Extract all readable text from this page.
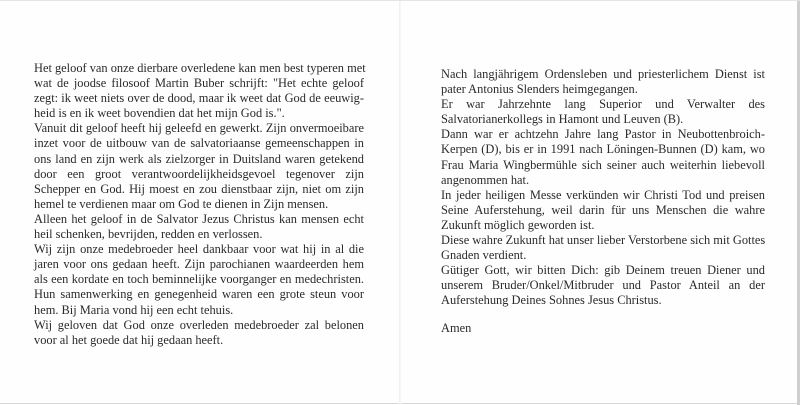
Het geloof van onze dierbare overledene kan men best typeren met
wat de joodse filosoof Martin Buber schrijft: "Het echte geloof
zegt: ik weet niets over de dood, maar ik weet dat God de eeuwig-
heid is en ik weet bovendien dat het mijn God is.".

Vanuit dit geloof heeft hij geleefd en gewerkt. Zijn onvermoeibare
inzet voor de uitbouw van de salvatoriaanse gemeenschappen in
ons land en zijn werk als zielzorger in Duitsland waren getekend
door een groot verantwoordelijkheidsgevoel tegenover zijn
Schepper en God. Hij moest en zou dienstbaar zijn, niet om zijn
hemel te verdienen maar om God te dienen in Zijn mensen.

Alleen het geloof in de Salvator Jezus Christus kan mensen echt
heil schenken, bevrijden, redden en verlossen.

Wij zijn onze medebroeder heel dankbaar voor wat hij in al die
jaren voor ons gedaan heeft. Zijn parochianen waardeerden hem
als een kordate en toch beminnelijke voorganger en medechristen.
Hun samenwerking en genegenheid waren een grote steun voor
hem. Bij Maria vond hij een echt tehuis.

Wij geloven dat God onze overleden medebroeder zal belonen
voor al het goede dat hij gedaan heeft.

Nach langjährigem Ordensleben und priesterlichem Dienst ist
pater Antonius Slenders heimgegangen.

Er war Jahrzehnte lang Superior und Verwalter des
Salvatorianerkollegs in Hamont und Leuven (B).

Dann war er achtzehn Jahre lang Pastor in Neubottenbroich-
Kerpen (D), bis er in 1991 nach Löningen-Bunnen (D) kam, wo
Frau Maria Wingbermühle sich seiner auch weiterhin liebevoll
angenommen hat.

In jeder heiligen Messe verkünden wir Christi Tod und preisen
Seine Auferstehung, weil darin für uns Menschen die wahre
Zukunft möglich geworden ist.

Diese wahre Zukunft hat unser lieber Verstorbene sich mit Gottes
Gnaden verdient.

Gütiger Gott, wir bitten Dich: gib Deinem treuen Diener und
unserem Bruder/Onkel/Mitbruder und Pastor Anteil an der
Auferstehung Deines Sohnes Jesus Christus.

Amen
